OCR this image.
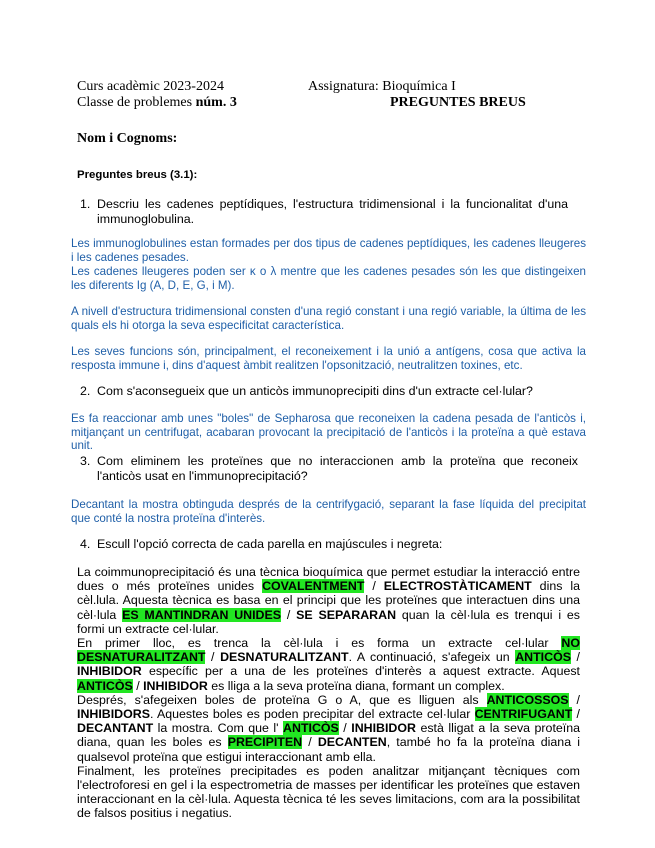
Curs acadèmic 2023-2024	Assignatura: Bioquímica I
Classe de problemes núm. 3	PREGUNTES BREUS
Nom i Cognoms:
Preguntes breus (3.1):
1. Descriu les cadenes peptídiques, l'estructura tridimensional i la funcionalitat d'una immunoglobulina.

Les immunoglobulines estan formades per dos tipus de cadenes peptídiques, les cadenes lleugeres i les cadenes pesades.
Les cadenes lleugeres poden ser κ o λ mentre que les cadenes pesades són les que distingeixen les diferents Ig (A, D, E, G, i M).
A nivell d'estructura tridimensional consten d'una regió constant i una regió variable, la última de les quals els hi otorga la seva especificitat característica.
Les seves funcions són, principalment, el reconeixement i la unió a antígens, cosa que activa la resposta immune i, dins d'aquest àmbit realitzen l'opsonització, neutralitzen toxines, etc.
2. Com s'aconsegueix que un anticòs immunoprecipiti dins d'un extracte cel·lular?

Es fa reaccionar amb unes "boles" de Sepharosa que reconeixen la cadena pesada de l'anticòs i, mitjançant un centrifugat, acabaran provocant la precipitació de l'anticòs i la proteïna a què estava unit.
3. Com eliminem les proteïnes que no interaccionen amb la proteïna que reconeix l'anticòs usat en l'immunoprecipitació?

Decantant la mostra obtinguda després de la centrifygació, separant la fase líquida del precipitat que conté la nostra proteïna d'interès.
4. Escull l'opció correcta de cada parella en majúscules i negreta:

La coimmunoprecipitació és una tècnica bioquímica que permet estudiar la interacció entre dues o més proteïnes unides COVALENTMENT / ELECTROSTÀTICAMENT dins la cèl.lula. Aquesta tècnica es basa en el principi que les proteïnes que interactuen dins una cèl·lula ES MANTINDRAN UNIDES / SE SEPARARAN quan la cèl·lula es trenqui i es formi un extracte cel·lular.

En primer lloc, es trenca la cèl·lula i es forma un extracte cel·lular NO DESNATURALITZANT / DESNATURALITZANT. A continuació, s'afegeix un ANTICÒS / INHIBIDOR específic per a una de les proteïnes d'interès a aquest extracte. Aquest ANTICÒS / INHIBIDOR es lliga a la seva proteïna diana, formant un complex.

Després, s'afegeixen boles de proteïna G o A, que es lliguen als ANTICOSSOS / INHIBIDORS. Aquestes boles es poden precipitar del extracte cel·lular CENTRIFUGANT / DECANTANT la mostra. Com que l' ANTICÒS / INHIBIDOR està lligat a la seva proteïna diana, quan les boles es PRECIPITEN / DECANTEN, també ho fa la proteïna diana i qualsevol proteïna que estigui interaccionant amb ella.

Finalment, les proteïnes precipitades es poden analitzar mitjançant tècniques com l'electroforesi en gel i la espectrometria de masses per identificar les proteïnes que estaven interaccionant en la cèl·lula. Aquesta tècnica té les seves limitacions, com ara la possibilitat de falsos positius i negatius.
